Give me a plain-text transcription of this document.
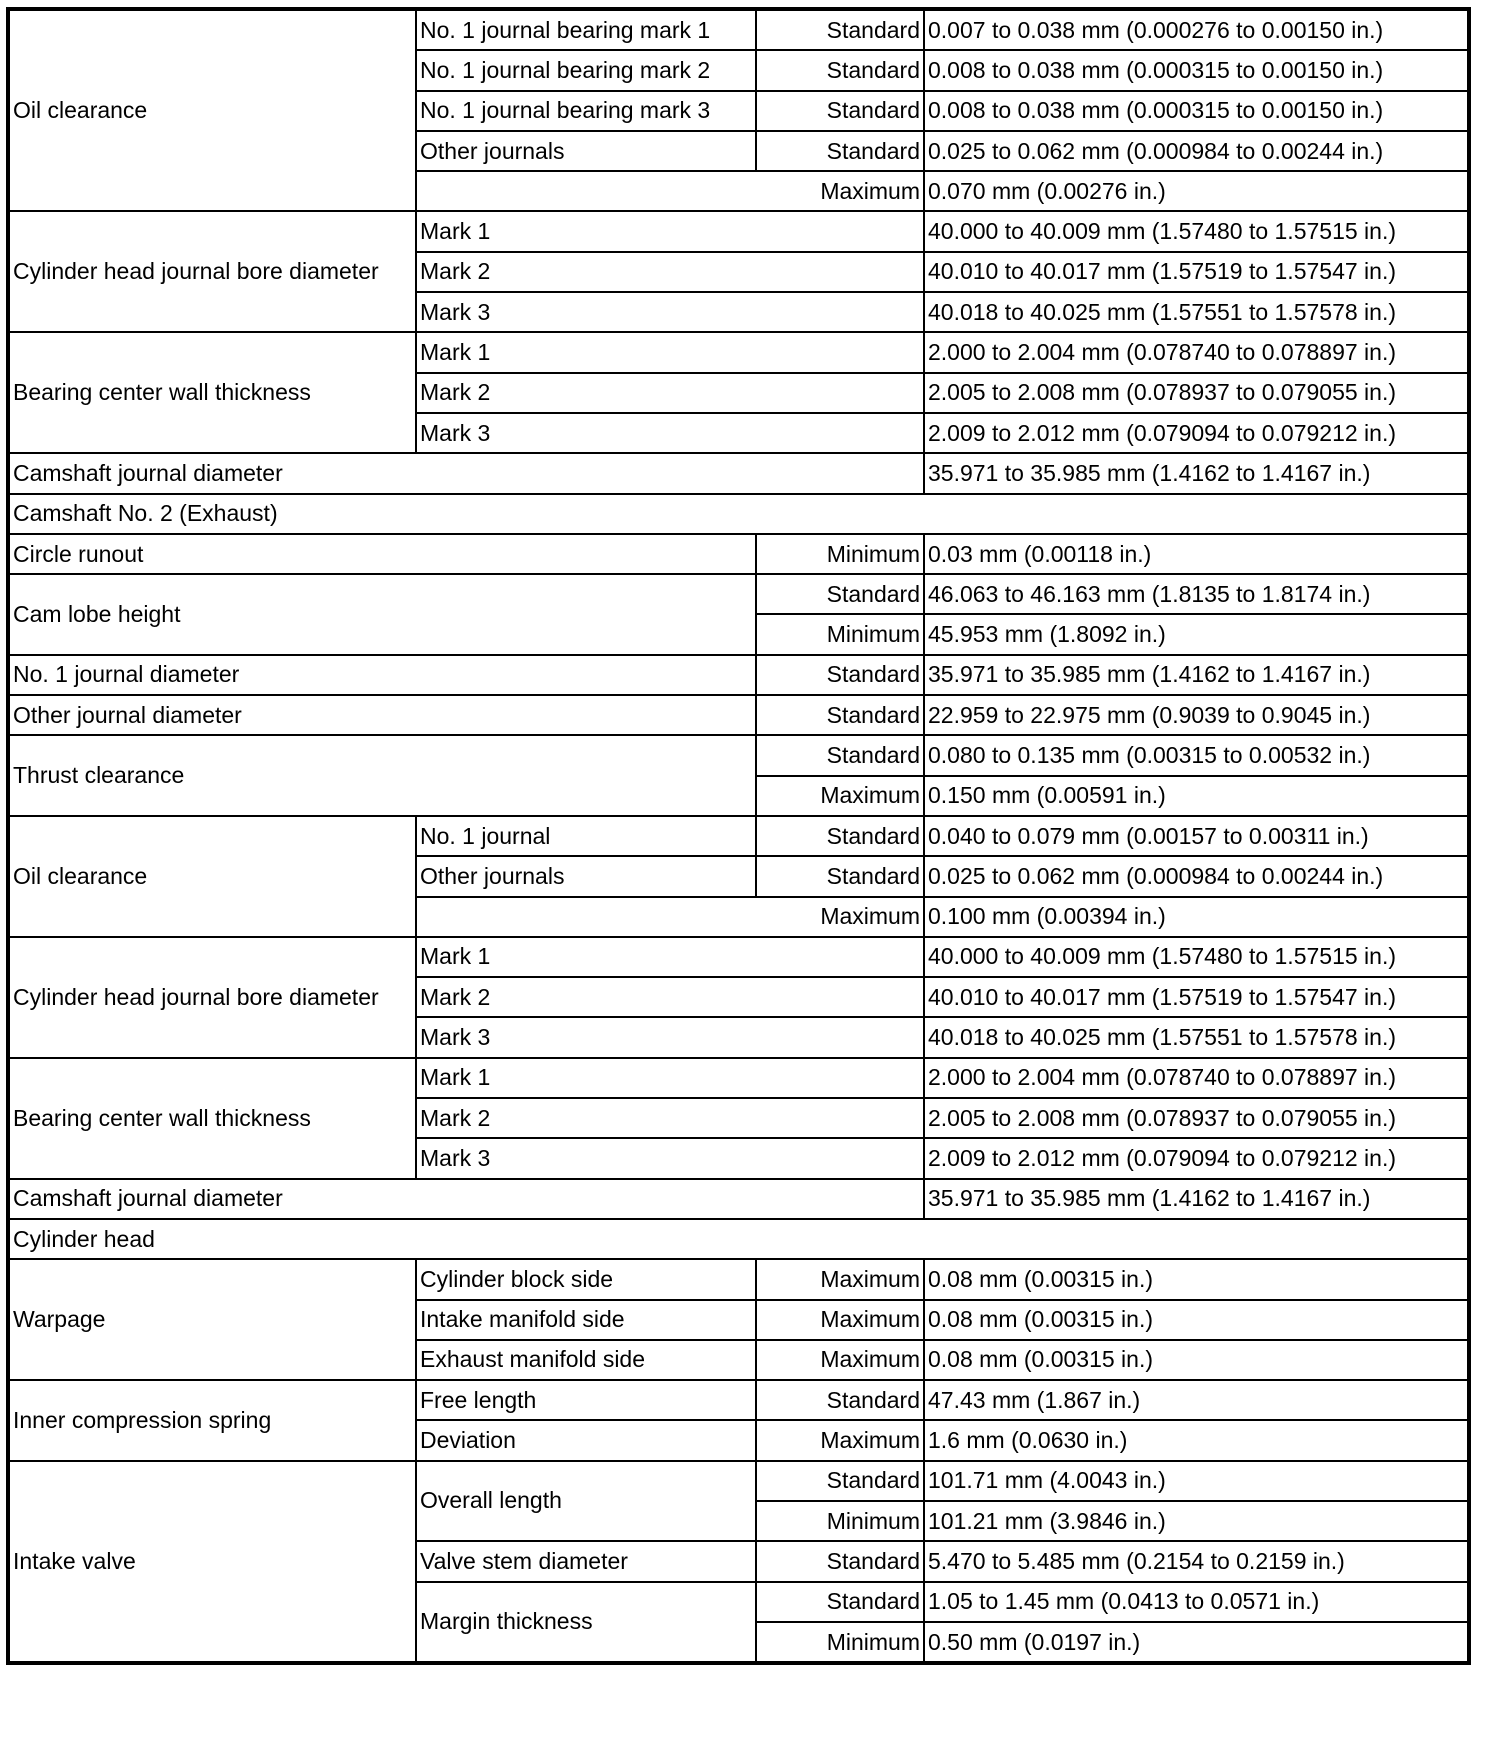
Oil clearance	No. 1 journal bearing mark 1	Standard	0.007 to 0.038 mm (0.000276 to 0.00150 in.)
	No. 1 journal bearing mark 2	Standard	0.008 to 0.038 mm (0.000315 to 0.00150 in.)
	No. 1 journal bearing mark 3	Standard	0.008 to 0.038 mm (0.000315 to 0.00150 in.)
	Other journals	Standard	0.025 to 0.062 mm (0.000984 to 0.00244 in.)
	Maximum		0.070 mm (0.00276 in.)
Cylinder head journal bore diameter	Mark 1		40.000 to 40.009 mm (1.57480 to 1.57515 in.)
	Mark 2		40.010 to 40.017 mm (1.57519 to 1.57547 in.)
	Mark 3		40.018 to 40.025 mm (1.57551 to 1.57578 in.)
Bearing center wall thickness	Mark 1		2.000 to 2.004 mm (0.078740 to 0.078897 in.)
	Mark 2		2.005 to 2.008 mm (0.078937 to 0.079055 in.)
	Mark 3		2.009 to 2.012 mm (0.079094 to 0.079212 in.)
Camshaft journal diameter			35.971 to 35.985 mm (1.4162 to 1.4167 in.)
Camshaft No. 2 (Exhaust)			
Circle runout		Minimum	0.03 mm (0.00118 in.)
Cam lobe height		Standard	46.063 to 46.163 mm (1.8135 to 1.8174 in.)
		Minimum	45.953 mm (1.8092 in.)
No. 1 journal diameter		Standard	35.971 to 35.985 mm (1.4162 to 1.4167 in.)
Other journal diameter		Standard	22.959 to 22.975 mm (0.9039 to 0.9045 in.)
Thrust clearance		Standard	0.080 to 0.135 mm (0.00315 to 0.00532 in.)
		Maximum	0.150 mm (0.00591 in.)
Oil clearance	No. 1 journal	Standard	0.040 to 0.079 mm (0.00157 to 0.00311 in.)
	Other journals	Standard	0.025 to 0.062 mm (0.000984 to 0.00244 in.)
	Maximum		0.100 mm (0.00394 in.)
Cylinder head journal bore diameter	Mark 1		40.000 to 40.009 mm (1.57480 to 1.57515 in.)
	Mark 2		40.010 to 40.017 mm (1.57519 to 1.57547 in.)
	Mark 3		40.018 to 40.025 mm (1.57551 to 1.57578 in.)
Bearing center wall thickness	Mark 1		2.000 to 2.004 mm (0.078740 to 0.078897 in.)
	Mark 2		2.005 to 2.008 mm (0.078937 to 0.079055 in.)
	Mark 3		2.009 to 2.012 mm (0.079094 to 0.079212 in.)
Camshaft journal diameter			35.971 to 35.985 mm (1.4162 to 1.4167 in.)
Cylinder head			
Warpage	Cylinder block side	Maximum	0.08 mm (0.00315 in.)
	Intake manifold side	Maximum	0.08 mm (0.00315 in.)
	Exhaust manifold side	Maximum	0.08 mm (0.00315 in.)
Inner compression spring	Free length	Standard	47.43 mm (1.867 in.)
	Deviation	Maximum	1.6 mm (0.0630 in.)
Intake valve	Overall length	Standard	101.71 mm (4.0043 in.)
		Minimum	101.21 mm (3.9846 in.)
	Valve stem diameter	Standard	5.470 to 5.485 mm (0.2154 to 0.2159 in.)
	Margin thickness	Standard	1.05 to 1.45 mm (0.0413 to 0.0571 in.)
		Minimum	0.50 mm (0.0197 in.)
